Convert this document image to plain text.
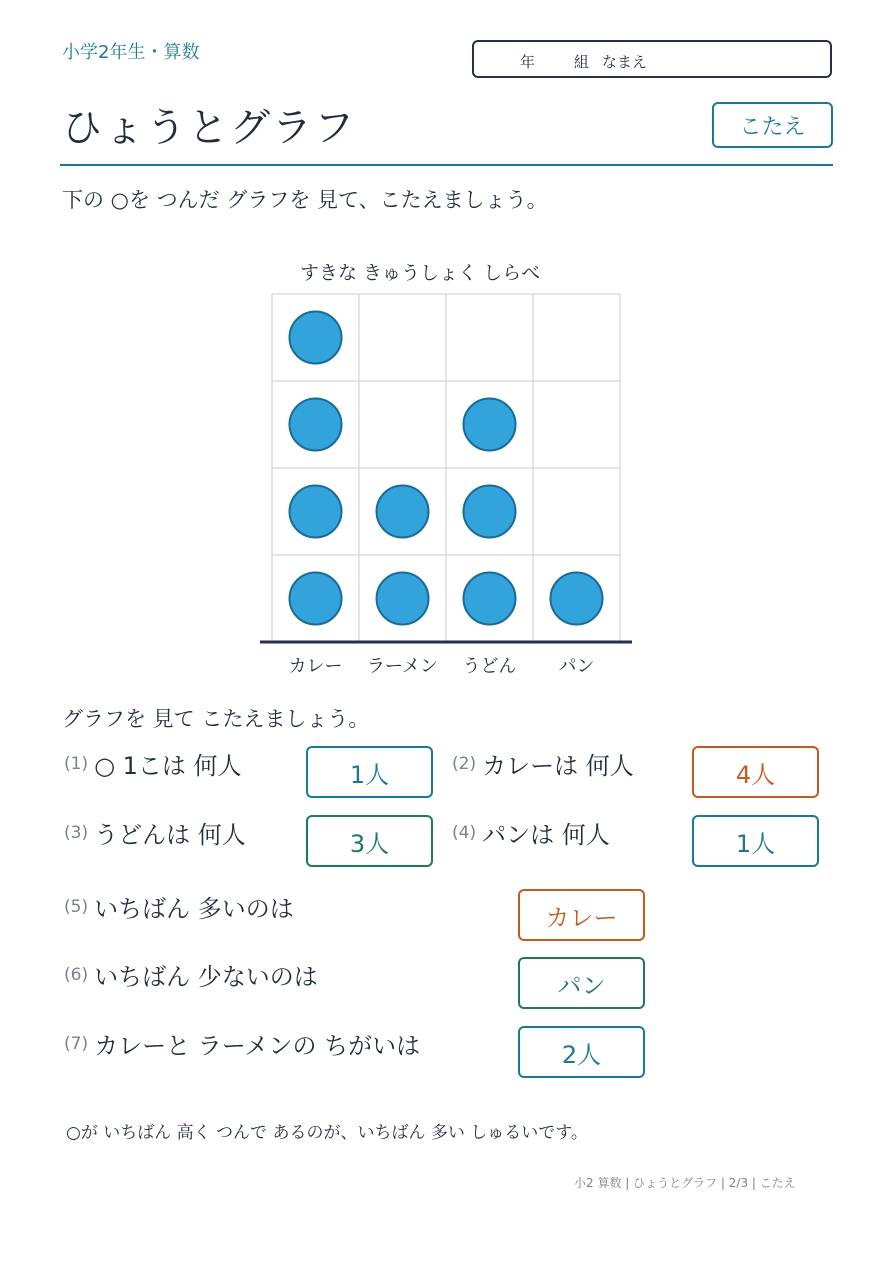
小学2年生・算数	年	組 なまえ
ひょうとグラフ	こたえ
下の ○を つんだ グラフを 見て、こたえましょう。
すきな きゅうしょく しらべ
カレー ラーメン うどん パン
グラフを 見て こたえましょう。
(1) ○ 1こは 何人	1人	(2) カレーは 何人	4人
(3) うどんは 何人	3人	(4) パンは 何人	1人
(5) いちばん 多いのは	カレー
(6) いちばん 少ないのは	パン
(7) カレーと ラーメンの ちがいは	2人
○が いちばん 高く つんで あるのが、いちばん 多い しゅるいです。
小2 算数 | ひょうとグラフ | 2/3 | こたえ
